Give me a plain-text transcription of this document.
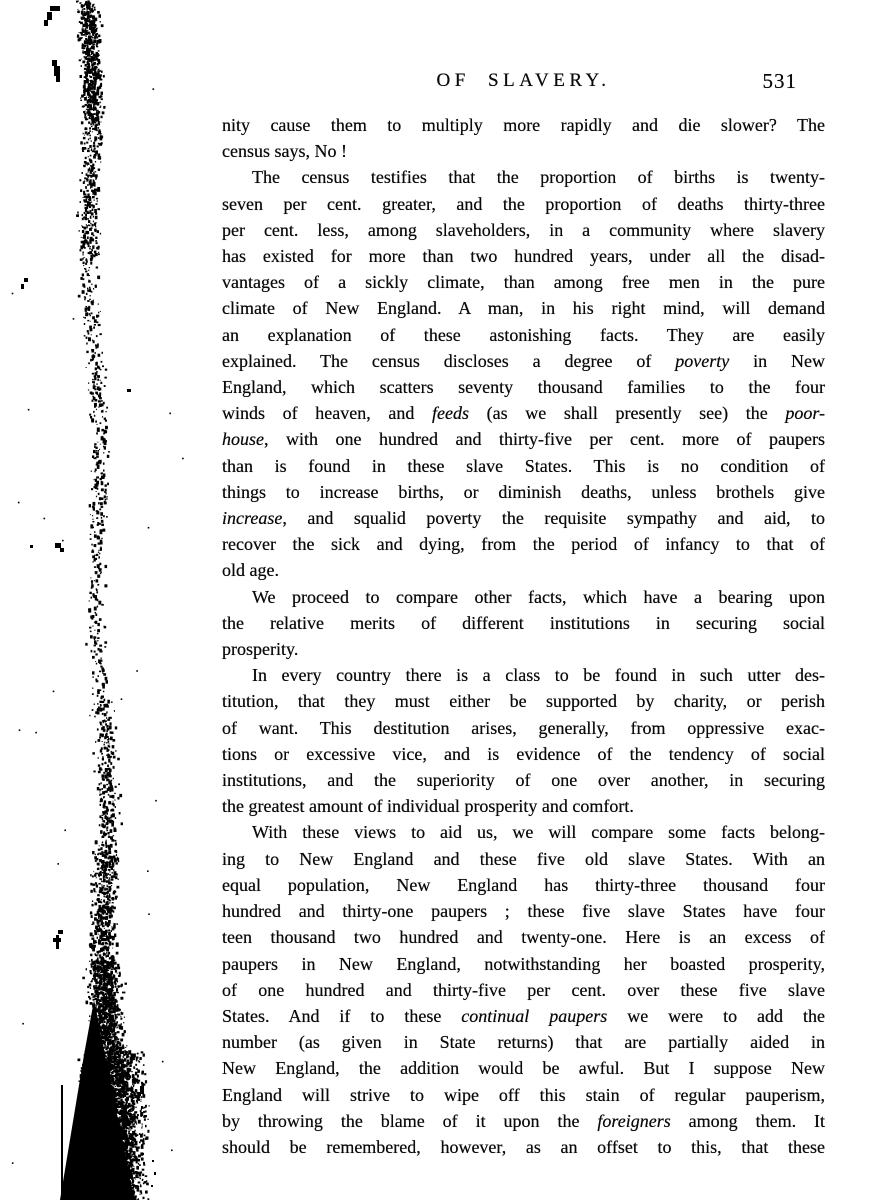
OF SLAVERY.	531
nity cause them to multiply more rapidly and die slower? The
census says, No !
The census testifies that the proportion of births is twenty-
seven per cent. greater, and the proportion of deaths thirty-three
per cent. less, among slaveholders, in a community where slavery
has existed for more than two hundred years, under all the disad-
vantages of a sickly climate, than among free men in the pure
climate of New England. A man, in his right mind, will demand
an explanation of these astonishing facts. They are easily
explained. The census discloses a degree of poverty in New
England, which scatters seventy thousand families to the four
winds of heaven, and feeds (as we shall presently see) the poor-
house, with one hundred and thirty-five per cent. more of paupers
than is found in these slave States. This is no condition of
things to increase births, or diminish deaths, unless brothels give
increase, and squalid poverty the requisite sympathy and aid, to
recover the sick and dying, from the period of infancy to that of
old age.
We proceed to compare other facts, which have a bearing upon
the relative merits of different institutions in securing social
prosperity.
In every country there is a class to be found in such utter des-
titution, that they must either be supported by charity, or perish
of want. This destitution arises, generally, from oppressive exac-
tions or excessive vice, and is evidence of the tendency of social
institutions, and the superiority of one over another, in securing
the greatest amount of individual prosperity and comfort.
With these views to aid us, we will compare some facts belong-
ing to New England and these five old slave States. With an
equal population, New England has thirty-three thousand four
hundred and thirty-one paupers ; these five slave States have four
teen thousand two hundred and twenty-one. Here is an excess of
paupers in New England, notwithstanding her boasted prosperity,
of one hundred and thirty-five per cent. over these five slave
States. And if to these continual paupers we were to add the
number (as given in State returns) that are partially aided in
New England, the addition would be awful. But I suppose New
England will strive to wipe off this stain of regular pauperism,
by throwing the blame of it upon the foreigners among them. It
should be remembered, however, as an offset to this, that these
